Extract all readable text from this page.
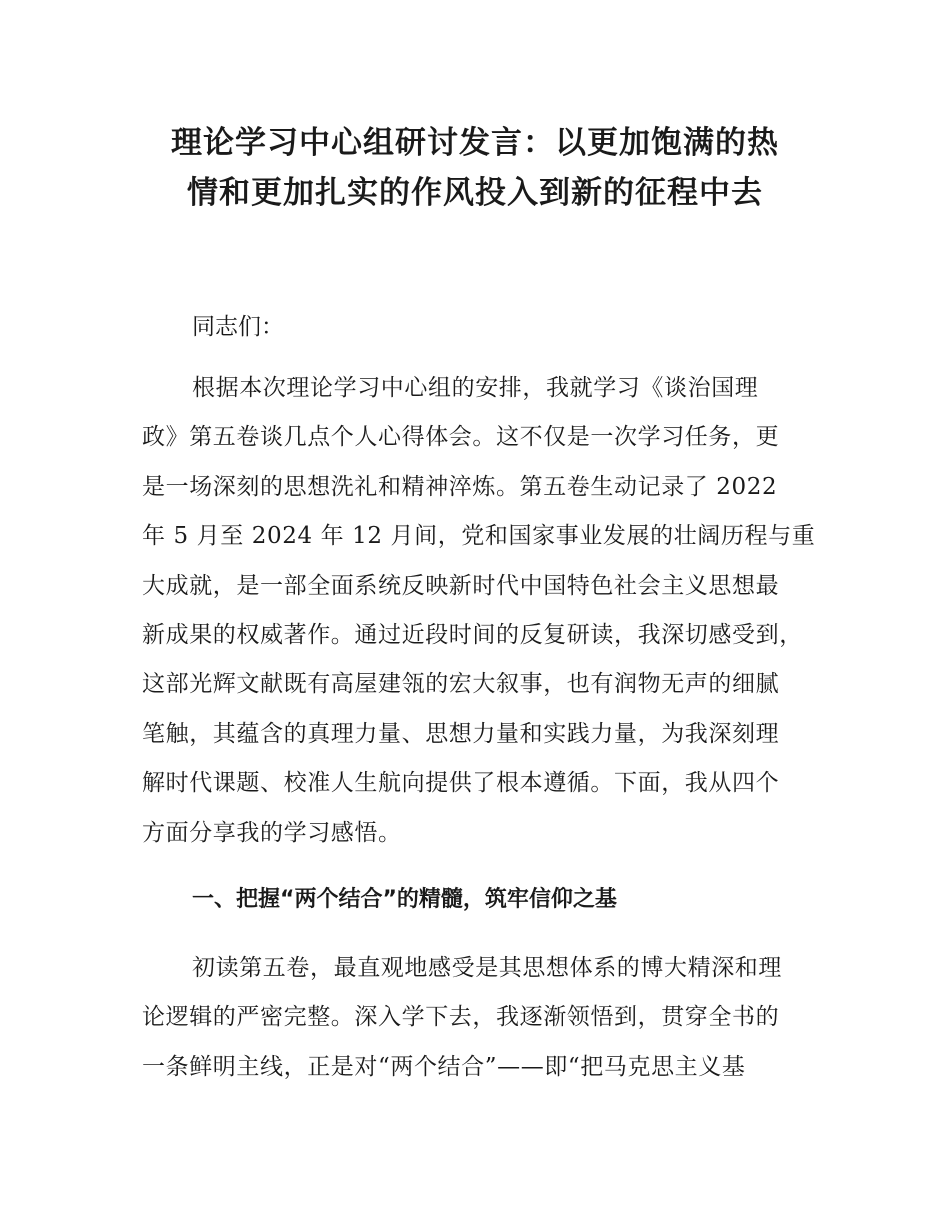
理论学习中心组研讨发言：以更加饱满的热
情和更加扎实的作风投入到新的征程中去

同志们：

根据本次理论学习中心组的安排，我就学习《谈治国理
政》第五卷谈几点个人心得体会。这不仅是一次学习任务，更
是一场深刻的思想洗礼和精神淬炼。第五卷生动记录了 2022
年 5 月至 2024 年 12 月间，党和国家事业发展的壮阔历程与重
大成就，是一部全面系统反映新时代中国特色社会主义思想最
新成果的权威著作。通过近段时间的反复研读，我深切感受到，
这部光辉文献既有高屋建瓴的宏大叙事，也有润物无声的细腻
笔触，其蕴含的真理力量、思想力量和实践力量，为我深刻理
解时代课题、校准人生航向提供了根本遵循。下面，我从四个
方面分享我的学习感悟。
一、把握“两个结合”的精髓，筑牢信仰之基
初读第五卷，最直观地感受是其思想体系的博大精深和理
论逻辑的严密完整。深入学下去，我逐渐领悟到，贯穿全书的
一条鲜明主线，正是对“两个结合”——即“把马克思主义基
